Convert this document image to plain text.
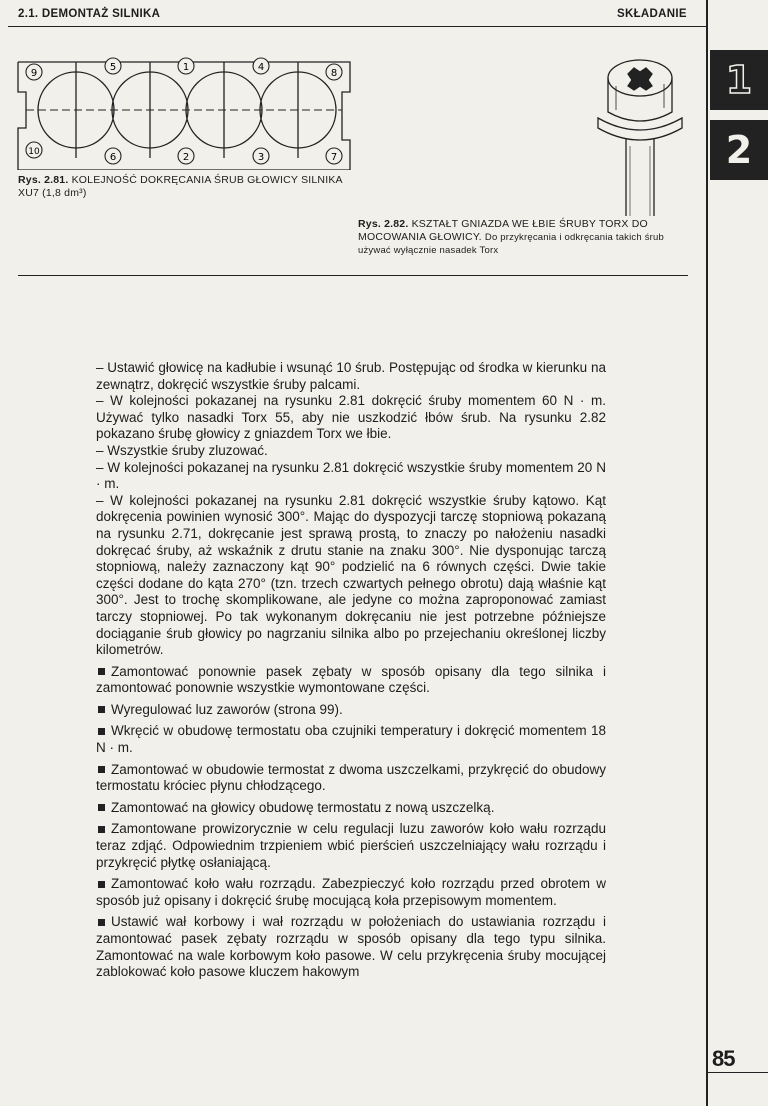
2.1. DEMONTAŻ SILNIKA	SKŁADANIE
1
2
9
5	1	4
8
10	6	2	3	7
Rys. 2.81. KOLEJNOŚĆ DOKRĘCANIA ŚRUB GŁOWICY SILNIKA XU7 (1,8 dm³)
Rys. 2.82. KSZTAŁT GNIAZDA WE ŁBIE ŚRUBY TORX DO MOCOWANIA GŁOWICY. Do przykręcania i odkręcania takich śrub używać wyłącznie nasadek Torx

– Ustawić głowicę na kadłubie i wsunąć 10 śrub. Postępując od środka w kierunku na zewnątrz, dokręcić wszystkie śruby palcami.

– W kolejności pokazanej na rysunku 2.81 dokręcić śruby momentem 60 N · m. Używać tylko nasadki Torx 55, aby nie uszkodzić łbów śrub. Na rysunku 2.82 pokazano śrubę głowicy z gniazdem Torx we łbie.

– Wszystkie śruby zluzować.

– W kolejności pokazanej na rysunku 2.81 dokręcić wszystkie śruby momentem 20 N · m.

– W kolejności pokazanej na rysunku 2.81 dokręcić wszystkie śruby kątowo. Kąt dokręcenia powinien wynosić 300°. Mając do dyspozycji tarczę stopniową pokazaną na rysunku 2.71, dokręcanie jest sprawą prostą, to znaczy po nałożeniu nasadki dokręcać śruby, aż wskaźnik z drutu stanie na znaku 300°. Nie dysponując tarczą stopniową, należy zaznaczony kąt 90° podzielić na 6 równych części. Dwie takie części dodane do kąta 270° (tzn. trzech czwartych pełnego obrotu) dają właśnie kąt 300°. Jest to trochę skomplikowane, ale jedyne co można zaproponować zamiast tarczy stopniowej. Po tak wykonanym dokręcaniu nie jest potrzebne późniejsze dociąganie śrub głowicy po nagrzaniu silnika albo po przejechaniu określonej liczby kilometrów.

Zamontować ponownie pasek zębaty w sposób opisany dla tego silnika i zamontować ponownie wszystkie wymontowane części.

Wyregulować luz zaworów (strona 99).

Wkręcić w obudowę termostatu oba czujniki temperatury i dokręcić momentem 18 N · m.

Zamontować w obudowie termostat z dwoma uszczelkami, przykręcić do obudowy termostatu króciec płynu chłodzącego.

Zamontować na głowicy obudowę termostatu z nową uszczelką.

Zamontowane prowizorycznie w celu regulacji luzu zaworów koło wału rozrządu teraz zdjąć. Odpowiednim trzpieniem wbić pierścień uszczelniający wału rozrządu i przykręcić płytkę osłaniającą.

Zamontować koło wału rozrządu. Zabezpieczyć koło rozrządu przed obrotem w sposób już opisany i dokręcić śrubę mocującą koła przepisowym momentem.

Ustawić wał korbowy i wał rozrządu w położeniach do ustawiania rozrządu i zamontować pasek zębaty rozrządu w sposób opisany dla tego typu silnika. Zamontować na wale korbowym koło pasowe. W celu przykręcenia śruby mocującej zablokować koło pasowe kluczem hakowym

85
